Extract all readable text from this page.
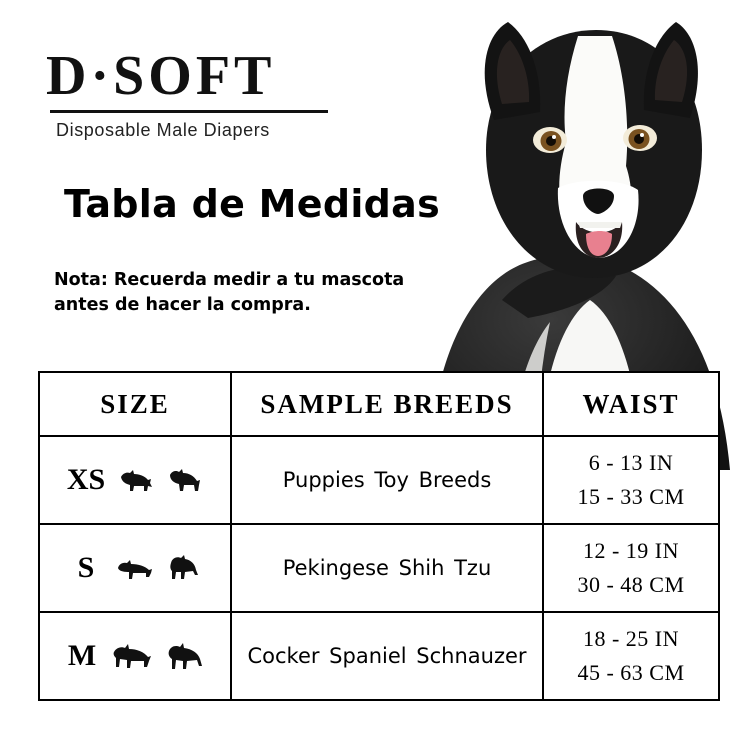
D·SOFT
Disposable Male Diapers
Tabla de Medidas
Nota: Recuerda medir a tu mascota antes de hacer la compra.
SIZE	SAMPLE BREEDS	WAIST

XS	Puppies Toy Breeds	6 - 13 IN
15 - 33 CM

S	Pekingese Shih Tzu	12 - 19 IN
30 - 48 CM

M	Cocker Spaniel Schnauzer	18 - 25 IN
45 - 63 CM
